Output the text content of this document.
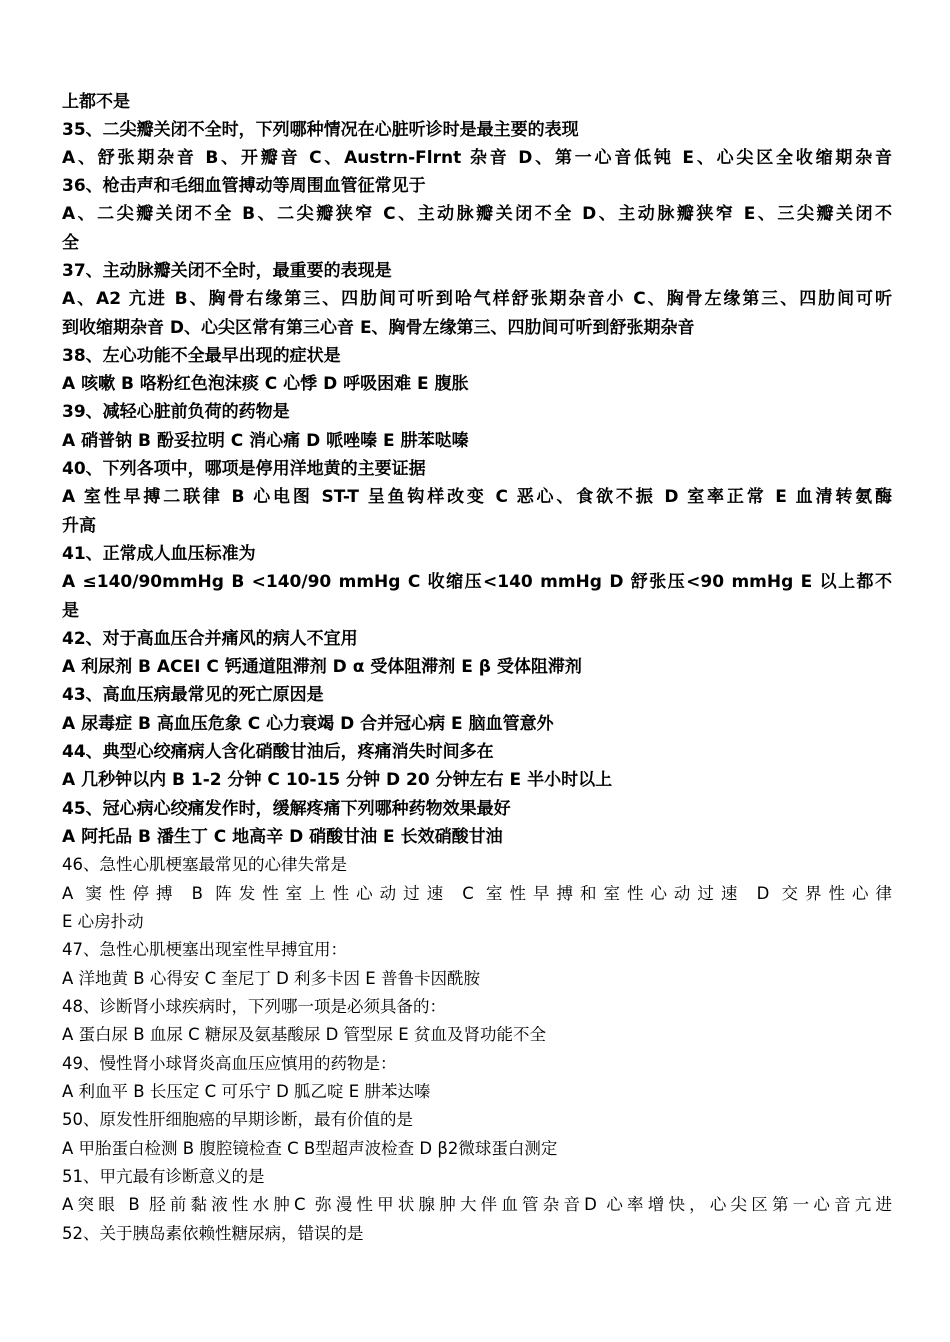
上都不是
35、二尖瓣关闭不全时，下列哪种情况在心脏听诊时是最主要的表现
A、舒张期杂音 B、开瓣音 C、Austrn-Flrnt 杂音 D、第一心音低钝 E、心尖区全收缩期杂音
36、枪击声和毛细血管搏动等周围血管征常见于
A、二尖瓣关闭不全 B、二尖瓣狭窄 C、主动脉瓣关闭不全 D、主动脉瓣狭窄 E、三尖瓣关闭不
全
37、主动脉瓣关闭不全时，最重要的表现是
A、A2 亢进 B、胸骨右缘第三、四肋间可听到哈气样舒张期杂音小 C、胸骨左缘第三、四肋间可听
到收缩期杂音 D、心尖区常有第三心音 E、胸骨左缘第三、四肋间可听到舒张期杂音
38、左心功能不全最早出现的症状是
A 咳嗽 B 咯粉红色泡沫痰 C 心悸 D 呼吸困难 E 腹胀
39、减轻心脏前负荷的药物是
A 硝普钠 B 酚妥拉明 C 消心痛 D 哌唑嗪 E 肼苯哒嗪
40、下列各项中，哪项是停用洋地黄的主要证据
A 室性早搏二联律 B 心电图 ST-T 呈鱼钩样改变 C 恶心、食欲不振 D 室率正常 E 血清转氨酶
升高
41、正常成人血压标准为
A ≤140/90mmHg B <140/90 mmHg C 收缩压<140 mmHg D 舒张压<90 mmHg E 以上都不
是
42、对于高血压合并痛风的病人不宜用
A 利尿剂 B ACEI C 钙通道阻滞剂 D α 受体阻滞剂 E β 受体阻滞剂
43、高血压病最常见的死亡原因是
A 尿毒症 B 高血压危象 C 心力衰竭 D 合并冠心病 E 脑血管意外
44、典型心绞痛病人含化硝酸甘油后，疼痛消失时间多在
A 几秒钟以内 B 1-2 分钟 C 10-15 分钟 D 20 分钟左右 E 半小时以上
45、冠心病心绞痛发作时，缓解疼痛下列哪种药物效果最好
A 阿托品 B 潘生丁 C 地高辛 D 硝酸甘油 E 长效硝酸甘油
46、急性心肌梗塞最常见的心律失常是
A 窦性停搏 B 阵发性室上性心动过速 C 室性早搏和室性心动过速 D 交界性心律
E 心房扑动
47、急性心肌梗塞出现室性早搏宜用：
A 洋地黄 B 心得安 C 奎尼丁 D 利多卡因 E 普鲁卡因酰胺
48、诊断肾小球疾病时，下列哪一项是必须具备的：
A 蛋白尿 B 血尿 C 糖尿及氨基酸尿 D 管型尿 E 贫血及肾功能不全
49、慢性肾小球肾炎高血压应慎用的药物是：
A 利血平 B 长压定 C 可乐宁 D 胍乙啶 E 肼苯达嗪
50、原发性肝细胞癌的早期诊断，最有价值的是
A 甲胎蛋白检测 B 腹腔镜检查 C B型超声波检查 D β2微球蛋白测定
51、甲亢最有诊断意义的是
A突眼 B 胫前黏液性水肿C 弥漫性甲状腺肿大伴血管杂音D 心率增快，心尖区第一心音亢进
52、关于胰岛素依赖性糖尿病，错误的是
